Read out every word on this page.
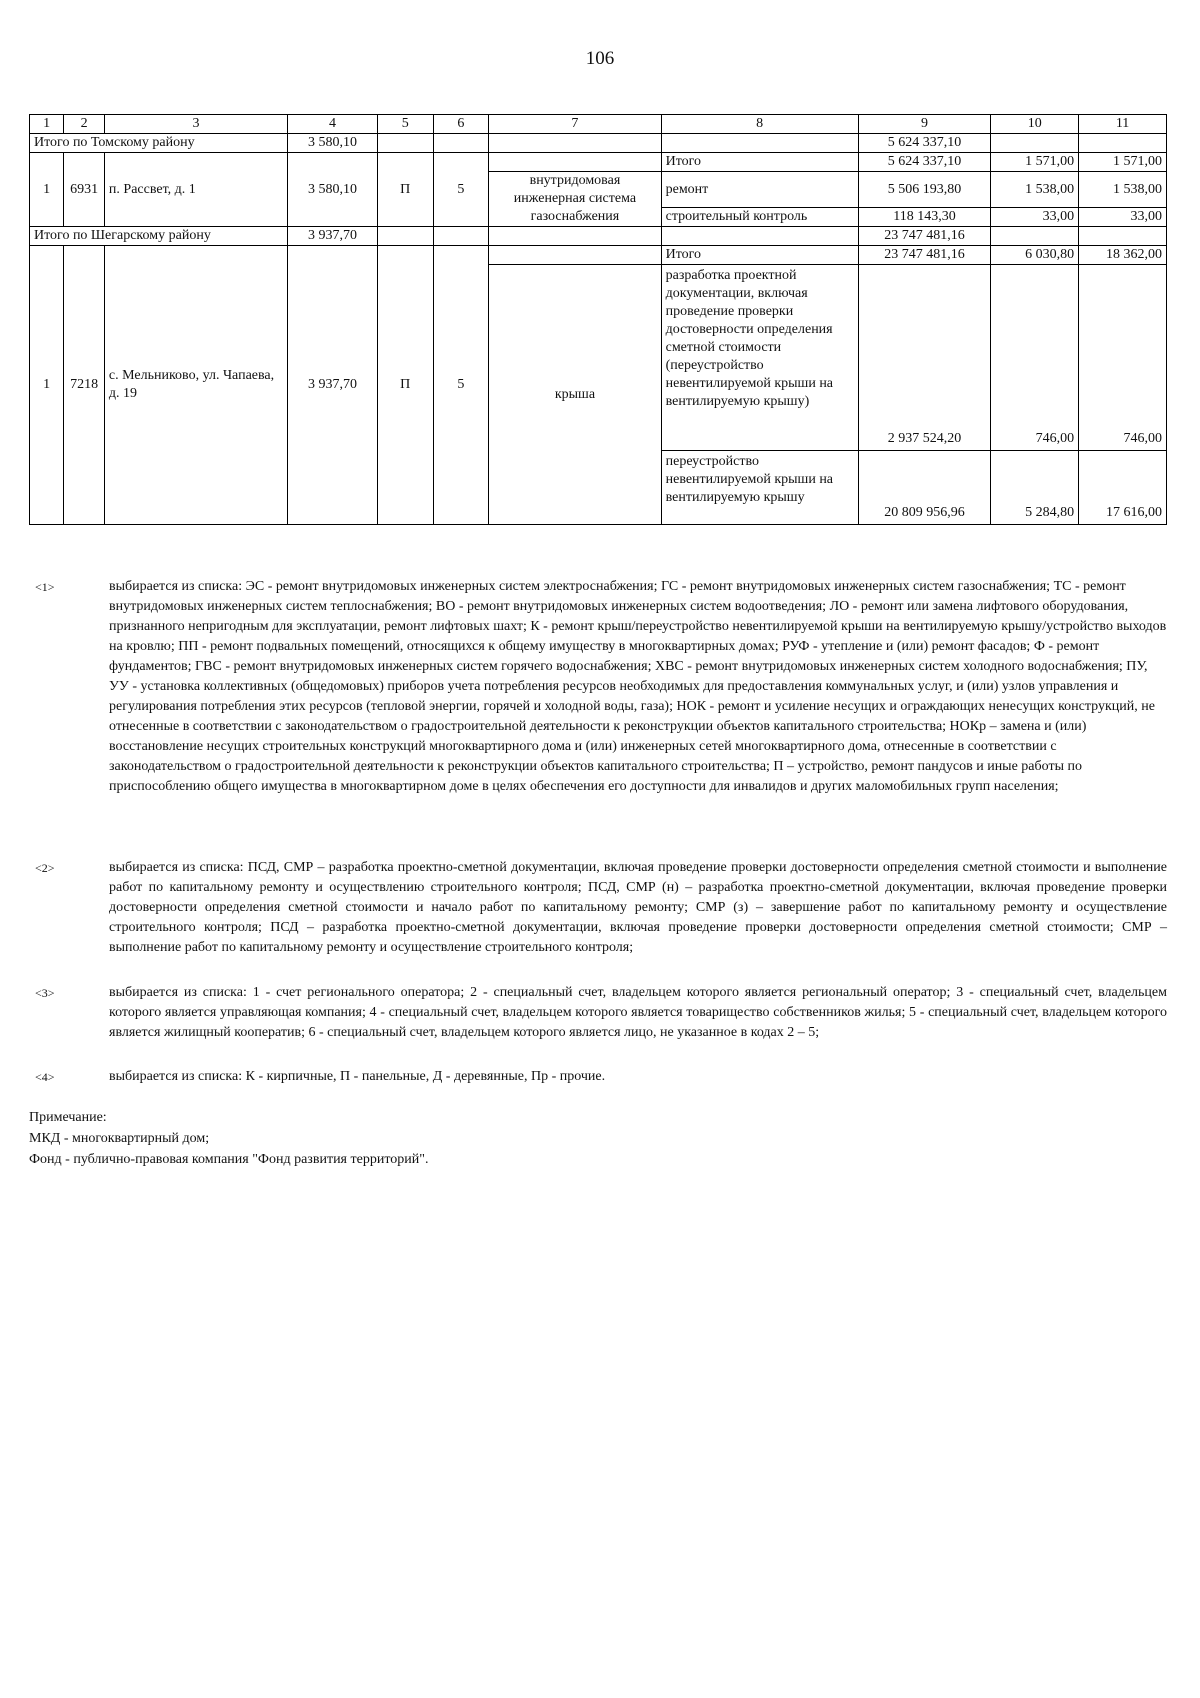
106
1	2	3	4	5	6	7	8	9	10	11
Итого по Томскому району			3 580,10					5 624 337,10		
1	6931	п. Рассвет, д. 1	3 580,10	П	5		Итого	5 624 337,10	1 571,00	1 571,00
						внутридомовая инженерная система газоснабжения	ремонт	5 506 193,80	1 538,00	1 538,00
							строительный контроль	118 143,30	33,00	33,00
Итого по Шегарскому району			3 937,70					23 747 481,16		
1	7218	с. Мельниково, ул. Чапаева, д. 19	3 937,70	П	5		Итого	23 747 481,16	6 030,80	18 362,00
						крыша	разработка проектной документации, включая проведение проверки достоверности определения сметной стоимости (переустройство невентилируемой крыши на вентилируемую крышу)	2 937 524,20	746,00	746,00
							переустройство невентилируемой крыши на вентилируемую крышу	20 809 956,96	5 284,80	17 616,00
<1>	выбирается из списка: ЭС - ремонт внутридомовых инженерных систем электроснабжения; ГС - ремонт внутридомовых инженерных систем газоснабжения; ТС - ремонт внутридомовых инженерных систем теплоснабжения; ВО - ремонт внутридомовых инженерных систем водоотведения; ЛО - ремонт или замена лифтового оборудования, признанного непригодным для эксплуатации, ремонт лифтовых шахт; К - ремонт крыш/переустройство невентилируемой крыши на вентилируемую крышу/устройство выходов на кровлю; ПП - ремонт подвальных помещений, относящихся к общему имуществу в многоквартирных домах; РУФ - утепление и (или) ремонт фасадов; Ф - ремонт фундаментов; ГВС - ремонт внутридомовых инженерных систем горячего водоснабжения; ХВС - ремонт внутридомовых инженерных систем холодного водоснабжения; ПУ, УУ - установка коллективных (общедомовых) приборов учета потребления ресурсов необходимых для предоставления коммунальных услуг, и (или) узлов управления и регулирования потребления этих ресурсов (тепловой энергии, горячей и холодной воды, газа); НОК - ремонт и усиление несущих и ограждающих ненесущих конструкций, не отнесенные в соответствии с законодательством о градостроительной деятельности к реконструкции объектов капитального строительства; НОКр – замена и (или) восстановление несущих строительных конструкций многоквартирного дома и (или) инженерных сетей многоквартирного дома, отнесенные в соответствии с законодательством о градостроительной деятельности к реконструкции объектов капитального строительства; П – устройство, ремонт пандусов и иные работы по приспособлению общего имущества в многоквартирном доме в целях обеспечения его доступности для инвалидов и других маломобильных групп населения;
<2>	выбирается из списка: ПСД, СМР – разработка проектно-сметной документации, включая проведение проверки достоверности определения сметной стоимости и выполнение работ по капитальному ремонту и осуществлению строительного контроля; ПСД, СМР (н) – разработка проектно-сметной документации, включая проведение проверки достоверности определения сметной стоимости и начало работ по капитальному ремонту; СМР (з) – завершение работ по капитальному ремонту и осуществление строительного контроля; ПСД – разработка проектно-сметной документации, включая проведение проверки достоверности определения сметной стоимости; СМР – выполнение работ по капитальному ремонту и осуществление строительного контроля;
<3>	выбирается из списка: 1 - счет регионального оператора; 2 - специальный счет, владельцем которого является региональный оператор; 3 - специальный счет, владельцем которого является управляющая компания; 4 - специальный счет, владельцем которого является товарищество собственников жилья; 5 - специальный счет, владельцем которого является жилищный кооператив; 6 - специальный счет, владельцем которого является лицо, не указанное в кодах 2 – 5;
<4>	выбирается из списка: К - кирпичные, П - панельные, Д - деревянные, Пр - прочие.
Примечание:
МКД - многоквартирный дом;
Фонд - публично-правовая компания "Фонд развития территорий".
